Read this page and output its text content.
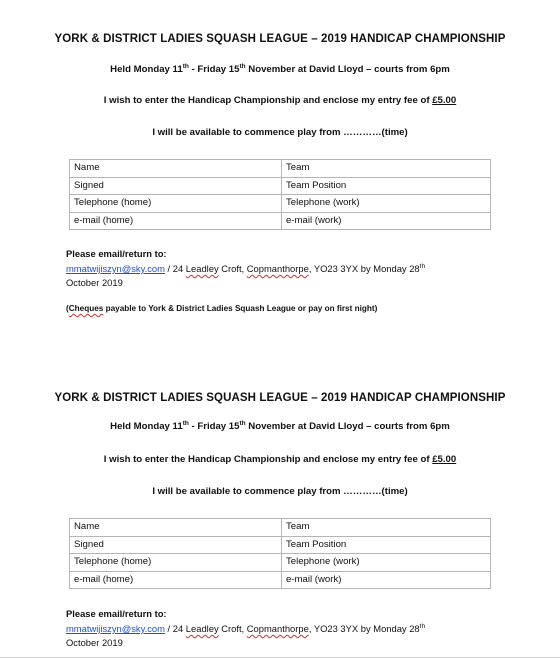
YORK & DISTRICT LADIES SQUASH LEAGUE – 2019 HANDICAP CHAMPIONSHIP
Held Monday 11th - Friday 15th November at David Lloyd – courts from 6pm
I wish to enter the Handicap Championship and enclose my entry fee of £5.00
I will be available to commence play from …………(time)
Name	Team
Signed	Team Position
Telephone (home)	Telephone (work)
e-mail (home)	e-mail (work)
Please email/return to:
mmatwijiszyn@sky.com / 24 Leadley Croft, Copmanthorpe, YO23 3YX by Monday 28th
October 2019
(Cheques payable to York & District Ladies Squash League or pay on first night)
YORK & DISTRICT LADIES SQUASH LEAGUE – 2019 HANDICAP CHAMPIONSHIP
Held Monday 11th - Friday 15th November at David Lloyd – courts from 6pm
I wish to enter the Handicap Championship and enclose my entry fee of £5.00
I will be available to commence play from …………(time)
Name	Team
Signed	Team Position
Telephone (home)	Telephone (work)
e-mail (home)	e-mail (work)
Please email/return to:
mmatwijiszyn@sky.com / 24 Leadley Croft, Copmanthorpe, YO23 3YX by Monday 28th
October 2019
